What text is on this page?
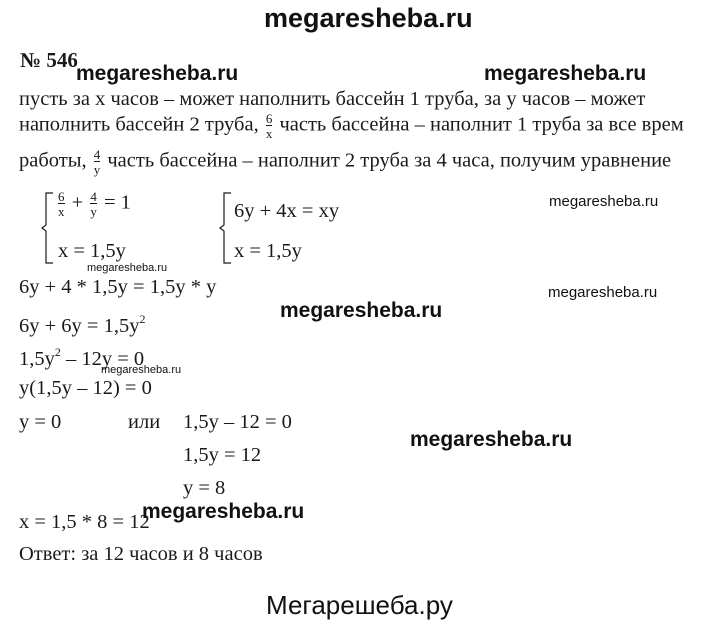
megaresheba.ru
№ 546
megaresheba.ru	megaresheba.ru
пусть за х часов – может наполнить бассейн 1 труба, за у часов – может
наполнить бассейн 2 труба, $\frac{6}{x}$ часть бассейна – наполнит 1 труба за все врем
работы, $\frac{4}{y}$ часть бассейна – наполнит 2 труба за 4 часа, получим уравнение
$\frac{6}{x} + \frac{4}{y} = 1$
x = 1,5y
6y + 4x = xy
x = 1,5y
megaresheba.ru
megaresheba.ru
megaresheba.ru
megaresheba.ru
6y + 4 * 1,5y = 1,5y * y
megaresheba.ru
$6y + 6y = 1,5y^2$
$1,5y^2 - 12y = 0$
y(1,5y – 12) = 0
y = 0	или 1,5y – 12 = 0
megaresheba.ru
1,5y = 12
y = 8
megaresheba.ru
x = 1,5 * 8 = 12
Ответ: за 12 часов и 8 часов
Мегарешеба.ру
